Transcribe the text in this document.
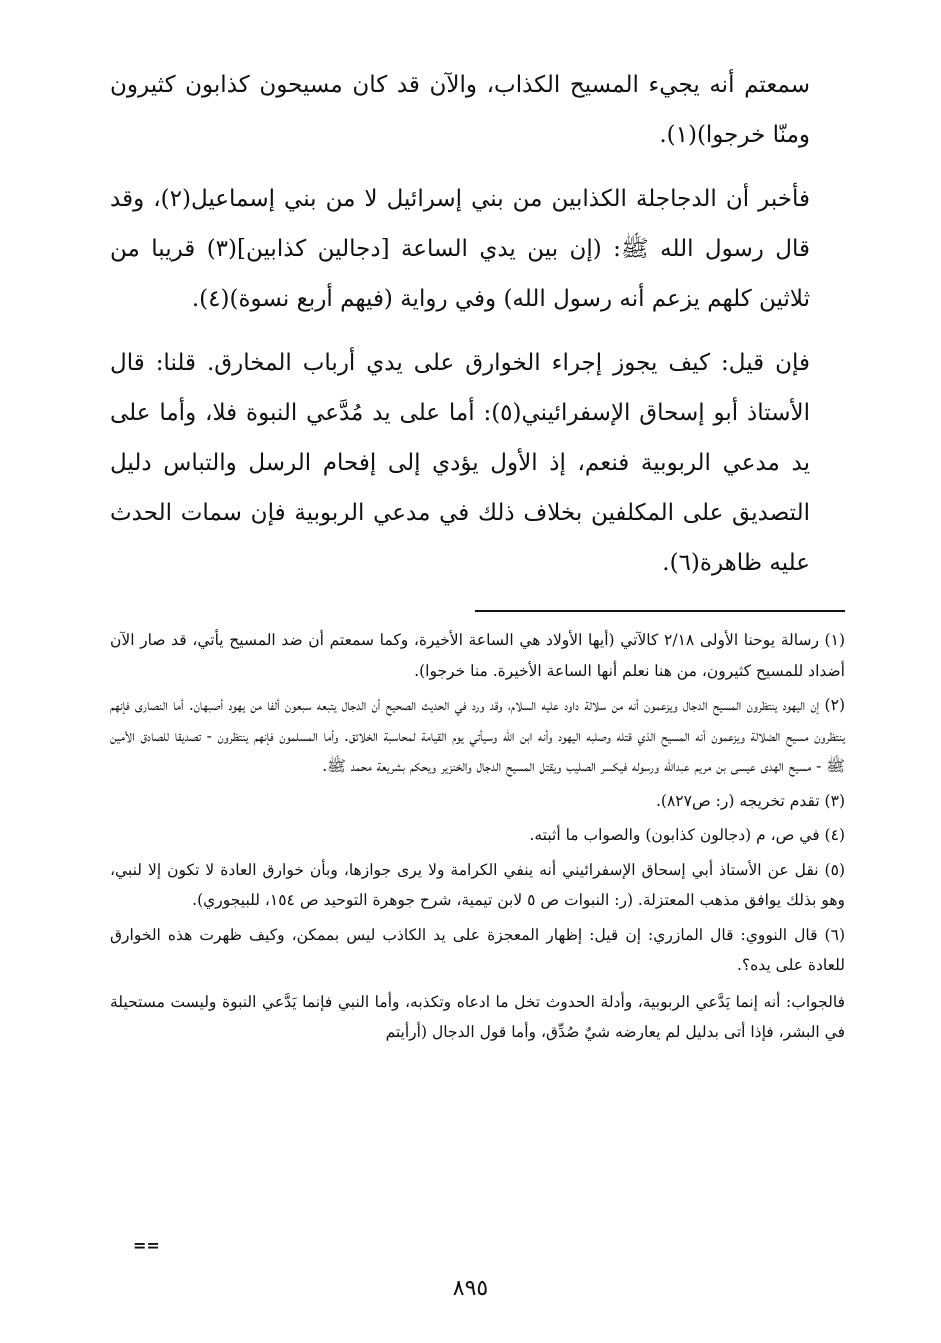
سمعتم أنه يجيء المسيح الكذاب، والآن قد كان مسيحون كذابون كثيرون ومنّا خرجوا)(١).

فأخبر أن الدجاجلة الكذابين من بني إسرائيل لا من بني إسماعيل(٢)، وقد قال رسول الله ﷺ: (إن بين يدي الساعة [دجالين كذابين](٣) قريبا من ثلاثين كلهم يزعم أنه رسول الله) وفي رواية (فيهم أربع نسوة)(٤).

فإن قيل: كيف يجوز إجراء الخوارق على يدي أرباب المخارق. قلنا: قال الأستاذ أبو إسحاق الإسفرائيني(٥): أما على يد مُدَّعي النبوة فلا، وأما على يد مدعي الربوبية فنعم، إذ الأول يؤدي إلى إفحام الرسل والتباس دليل التصديق على المكلفين بخلاف ذلك في مدعي الربوبية فإن سمات الحدث عليه ظاهرة(٦).

(١) رسالة يوحنا الأولى ٢/١٨ كالآتي (أيها الأولاد هي الساعة الأخيرة، وكما سمعتم أن ضد المسيح يأتي، قد صار الآن أضداد للمسيح كثيرون، من هنا نعلم أنها الساعة الأخيرة. منا خرجوا).

(٢) إن اليهود ينتظرون المسيح الدجال ويزعمون أنه من سلالة داود عليه السلام، وقد ورد في الحديث الصحيح أن الدجال يتبعه سبعون ألفا من يهود أصبهان. أما النصارى فإنهم ينتظرون مسيح الضلالة ويزعمون أنه المسيح الذي قتله وصلبه اليهود وأنه ابن الله وسيأتي يوم القيامة لمحاسبة الخلائق. وأما المسلمون فإنهم ينتظرون - تصديقا للصادق الأمين ﷺ - مسيح الهدى عيسى بن مريم عبدالله ورسوله فيكسر الصليب ويقتل المسيح الدجال والخنزير ويحكم بشريعة محمد ﷺ.

(٣) تقدم تخريجه (ر: ص٨٢٧).

(٤) في ص، م (دجالون كذابون) والصواب ما أثبته.

(٥) نقل عن الأستاذ أبي إسحاق الإسفرائيني أنه ينفي الكرامة ولا يرى جوازها، وبأن خوارق العادة لا تكون إلا لنبي، وهو بذلك يوافق مذهب المعتزلة. (ر: النبوات ص ٥ لابن تيمية، شرح جوهرة التوحيد ص ١٥٤، للبيجوري).

(٦) قال النووي: قال المازري: إن قيل: إظهار المعجزة على يد الكاذب ليس بممكن، وكيف ظهرت هذه الخوارق للعادة على يده؟.

فالجواب: أنه إنما يَدَّعي الربوبية، وأدلة الحدوث تخل ما ادعاه وتكذبه، وأما النبي فإنما يَدَّعي النبوة وليست مستحيلة في البشر، فإذا أتى بدليل لم يعارضه شيٌ صُدِّق، وأما قول الدجال (أرأيتم

==
٨٩٥
